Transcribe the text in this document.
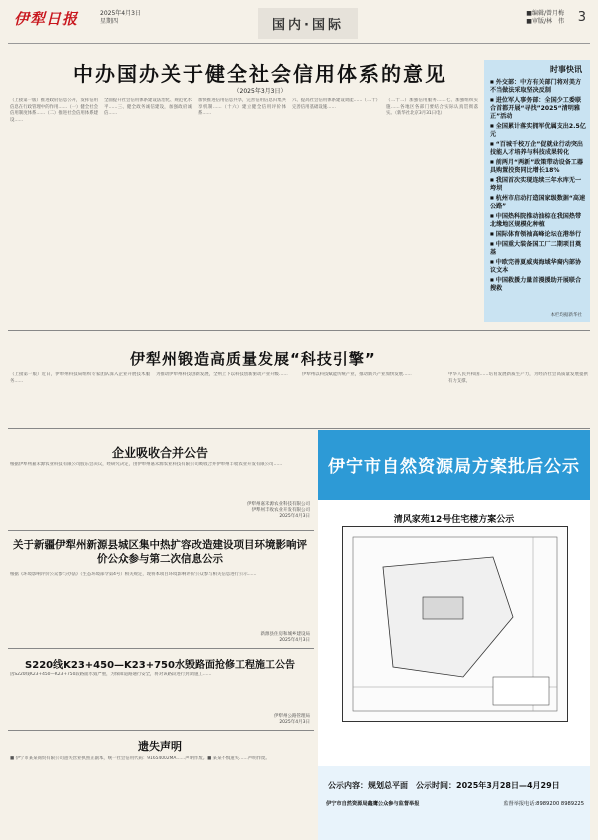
伊犁日报	2025年4月3日
星期四	国内·国际
■编辑/曾月梅
■审版/林　伟 3
中办国办关于健全社会信用体系的意见
（2025年3月3日）
（上接第一版）推进政府信息公开，发挥信用信息在行政管理中的作用……（一）健全社会信用制度体系……（二）推进社会信用体系建设……
全面提升社会信用体系建设法治化、规范化水平……三、健全政务诚信建设，加强政府诚信……
加快推进信用信息共享，完善信用信息归集共享机制……（十六）建立健全信用评价体系……
六、提高社会信用体系建设效能……（二十）完善信用基础设施……
（二十二）加强信用服务……七、加强组织实施……各地区各部门要结合实际认真贯彻落实。（新华社北京3月31日电）
时事快讯
■ 外交部：中方有关部门将对美方不当做法采取坚决反制
■ 进位军人事务部：全国少工委联合首都开展“寻找”2025“清明雅正”活动
■ 全国累计落实拥军优属支出2.5亿元
■ “百城千校万企”促就业行动突出技能人才培养与科技成果转化
■ 前两月“两新”政策带动设备工器具购置投资同比增长18%
■ 我国首次实现连续三年水库无一垮坝
■ 杭州市启动打造国家级数据“高速公路”
■ 中国热科院推动油棕在我国热带北缘地区规模化种植
■ 国际体育领袖高峰论坛在港举行
■ 中国重大装备国工厂二期项目奠基
■ 中欧完善夏威夷海域华裔内部协议文本
■ 中国救援力量首漫援助开展联合搜救
本栏均据新华社
伊犁州锻造高质量发展“科技引擎”
（上接第一版）近日，伊犁州科技局组织专家团队深入企业开展技术服务……
为推动伊犁州科技创新发展，全州上下以科技创新驱动产业升级……	伊犁州以科技赋能传统产业，推动新兴产业加快发展……	中华人民共和国……培育发展新质生产力，为经济社会高质量发展提供有力支撑。
企业吸收合并公告
根据伊犁州嘉禾源农业科技有限公司股东会决议，经研究决定，由伊犁州嘉禾源农业科技有限公司吸收合并伊犁州丰收农业开发有限公司……
伊犁州嘉禾源农业科技有限公司
伊犁州丰收农业开发有限公司
2025年4月3日
关于新疆伊犁州新源县城区集中热扩容改造建设项目环境影响评价公众参与第二次信息公示
根据《环境影响评价公众参与办法》（生态环境部令第4号）相关规定，现将本项目环境影响评价公众参与相关信息进行公示……
新源县住房和城乡建设局
2025年4月3日
S220线K23+450—K23+750水毁路面抢修工程施工公告
因S220线K23+450—K23+750段路面水毁严重，为保障道路通行安全，将对该路段进行封闭施工……
伊犁州公路管理局
2025年4月3日
遗失声明
■ 伊宁市某某商贸有限公司遗失营业执照正副本，统一社会信用代码：91654002MA……声明作废。■ 某某不慎遗失……声明作废。
伊宁市自然资源局方案批后公示
清风家苑12号住宅楼方案公示
公示内容：规划总平面　公示时间：2025年3月28日—4月29日
伊宁市自然资源局鑫鹰公众参与监督举报	监督举报电话:8989200 8989225
